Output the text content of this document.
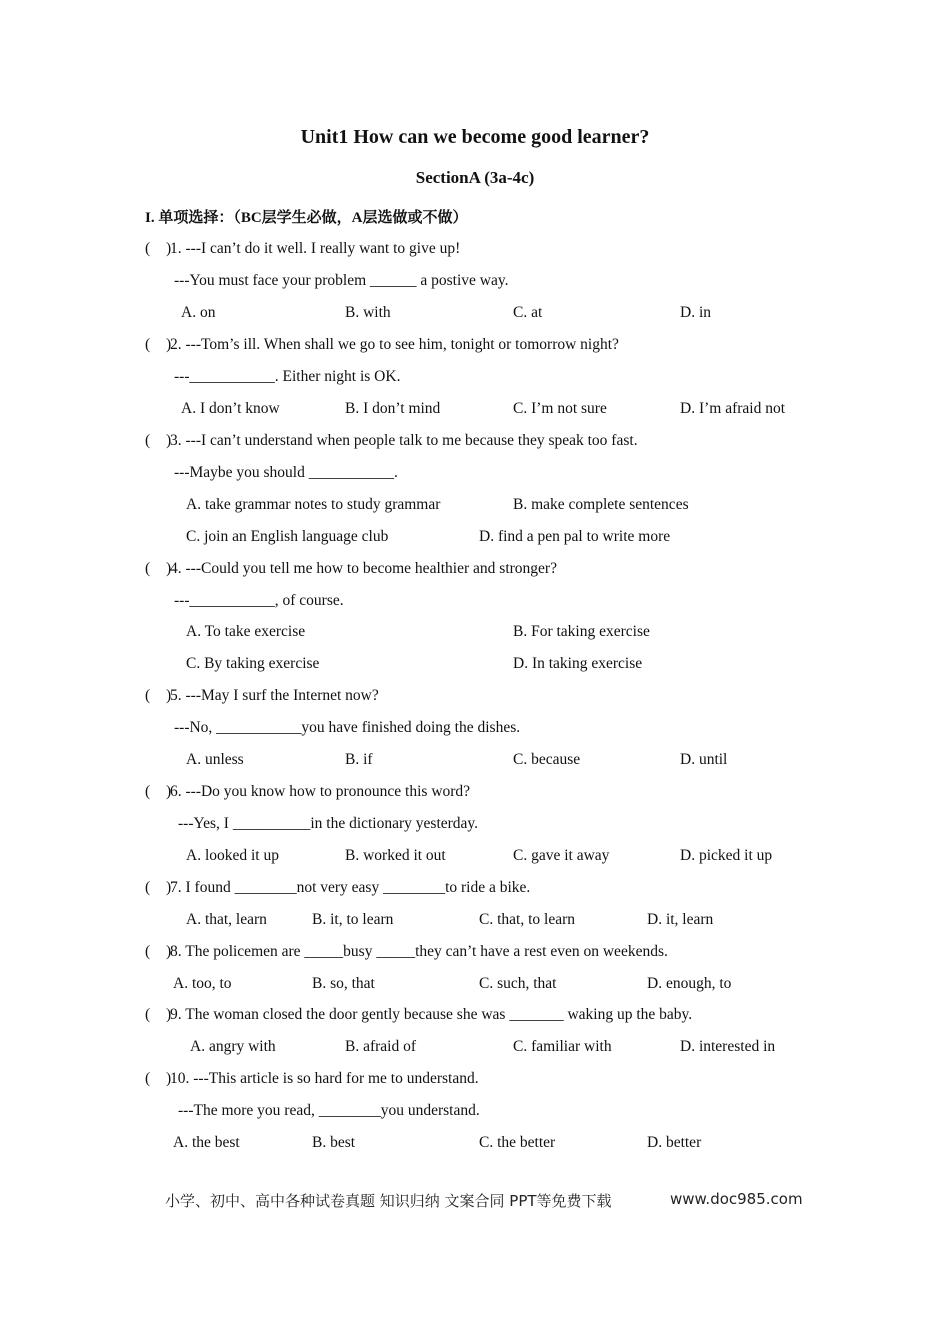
Unit1 How can we become good learner?
SectionA (3a-4c)
I. 单项选择：（BC层学生必做，A层选做或不做）
( )
1. ---I can’t do it well. I really want to give up!
---You must face your problem ______ a postive way.
A. on	B. with	C. at	D. in
( )
2. ---Tom’s ill. When shall we go to see him, tonight or tomorrow night?
---___________. Either night is OK.
A. I don’t know	B. I don’t mind	C. I’m not sure	D. I’m afraid not
( )
3. ---I can’t understand when people talk to me because they speak too fast.
---Maybe you should ___________.
A. take grammar notes to study grammar	B. make complete sentences
C. join an English language club	D. find a pen pal to write more
( )
4. ---Could you tell me how to become healthier and stronger?
---___________, of course.
A. To take exercise	B. For taking exercise
C. By taking exercise	D. In taking exercise
( )
5. ---May I surf the Internet now?
---No, ___________you have finished doing the dishes.
A. unless	B. if	C. because	D. until
( )
6. ---Do you know how to pronounce this word?
---Yes, I __________in the dictionary yesterday.
A. looked it up	B. worked it out	C. gave it away	D. picked it up
( )
7. I found ________not very easy ________to ride a bike.
A. that, learn	B. it, to learn	C. that, to learn	D. it, learn
( )
8. The policemen are _____busy _____they can’t have a rest even on weekends.
A. too, to	B. so, that	C. such, that	D. enough, to
( )
9. The woman closed the door gently because she was _______ waking up the baby.
A. angry with	B. afraid of	C. familiar with	D. interested in
( )
10. ---This article is so hard for me to understand.
---The more you read, ________you understand.
A. the best	B. best	C. the better	D. better
小学、初中、高中各种试卷真题 知识归纳 文案合同 PPT等免费下载	www.doc985.com
